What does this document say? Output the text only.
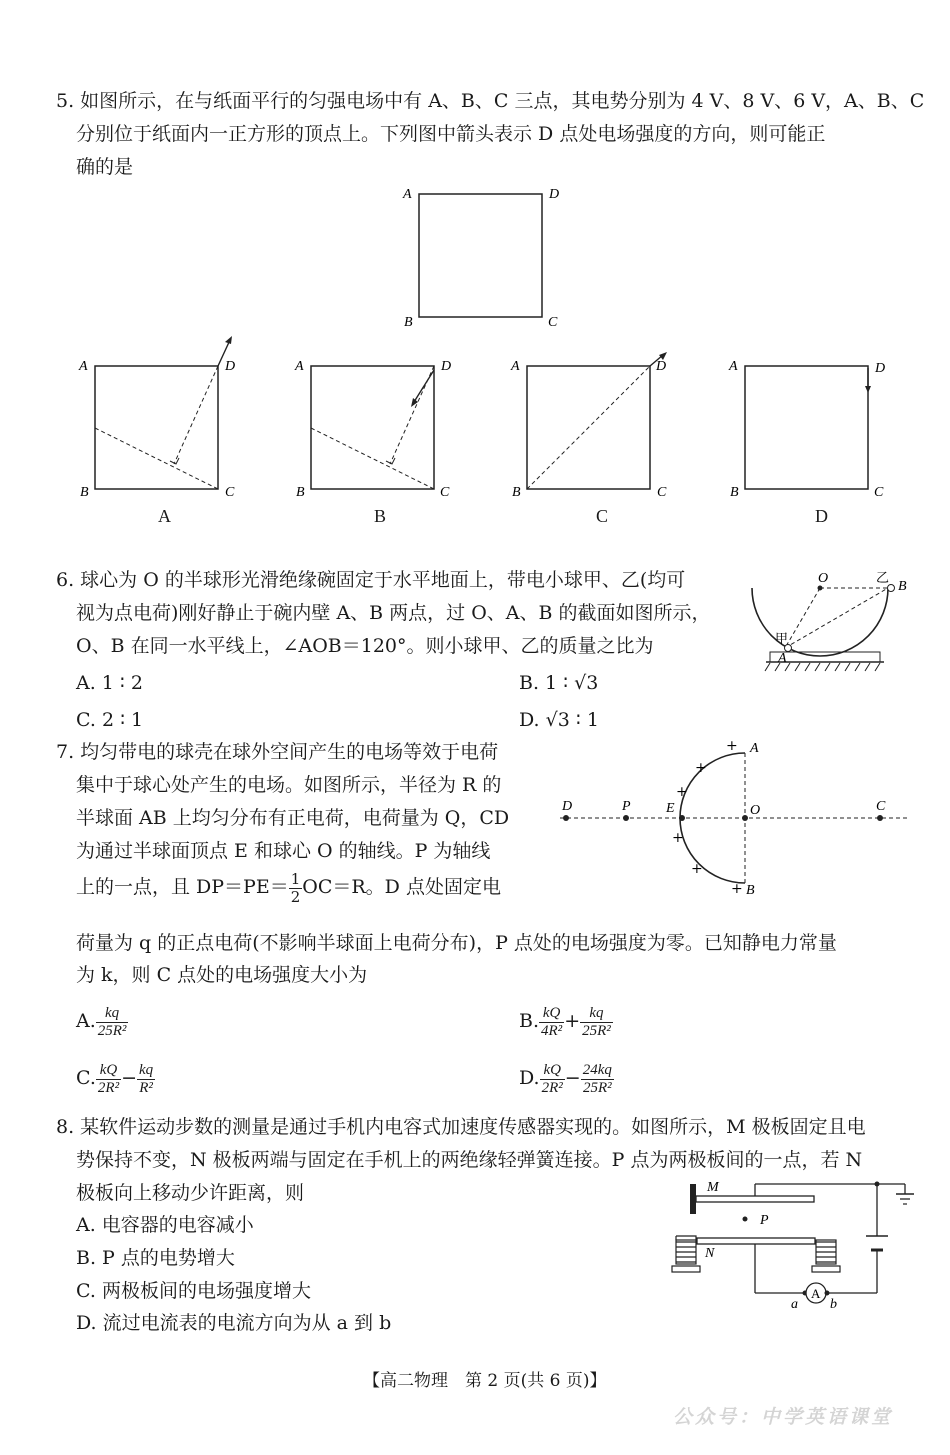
5. 如图所示，在与纸面平行的匀强电场中有 A、B、C 三点，其电势分别为 4 V、8 V、6 V，A、B、C
分别位于纸面内一正方形的顶点上。下列图中箭头表示 D 点处电场强度的方向，则可能正
确的是
A
B	C
D
A
B	C
D	A
B	C
D	A
B	C
D	A
B	C
D
A	B	C	D
6. 球心为 O 的半球形光滑绝缘碗固定于水平地面上，带电小球甲、乙(均可
视为点电荷)刚好静止于碗内壁 A、B 两点，过 O、A、B 的截面如图所示，
O、B 在同一水平线上，∠AOB＝120°。则小球甲、乙的质量之比为
A. 1 ∶ 2	B. 1 ∶ √3
C. 2 ∶ 1	D. √3 ∶ 1
O	乙
B
甲
A
7. 均匀带电的球壳在球外空间产生的电场等效于电荷
集中于球心处产生的电场。如图所示，半径为 R 的
半球面 AB 上均匀分布有正电荷，电荷量为 Q，CD
为通过半球面顶点 E 和球心 O 的轴线。P 为轴线
上的一点，且 $DP=PE= \frac{1}{2} OC=R$。D 点处固定电
荷量为 q 的正点电荷(不影响半球面上电荷分布)，P 点处的电场强度为零。已知静电力常量
为 k，则 C 点处的电场强度大小为
D	P	E	O	C
A
B
+
+
+
+
+
+
A. $\frac{kq}{\text{25R²}}$	B. $\frac{kQ}{\text{4R²}} + \frac{kq}{\text{25R²}}$
C. $\frac{kQ}{\text{2R²}} - \frac{kq}{\text{R²}}$	D. $\frac{kQ}{\text{2R²}} - \frac{24kq}{\text{25R²}}$
8. 某软件运动步数的测量是通过手机内电容式加速度传感器实现的。如图所示，M 极板固定且电
势保持不变，N 极板两端与固定在手机上的两绝缘轻弹簧连接。P 点为两极板间的一点，若 N
极板向上移动少许距离，则
A. 电容器的电容减小
B. P 点的电势增大
C. 两极板间的电场强度增大
D. 流过电流表的电流方向为从 a 到 b
A
M
N
P
a b
【高二物理　第 2 页(共 6 页)】
公众号：中学英语课堂
